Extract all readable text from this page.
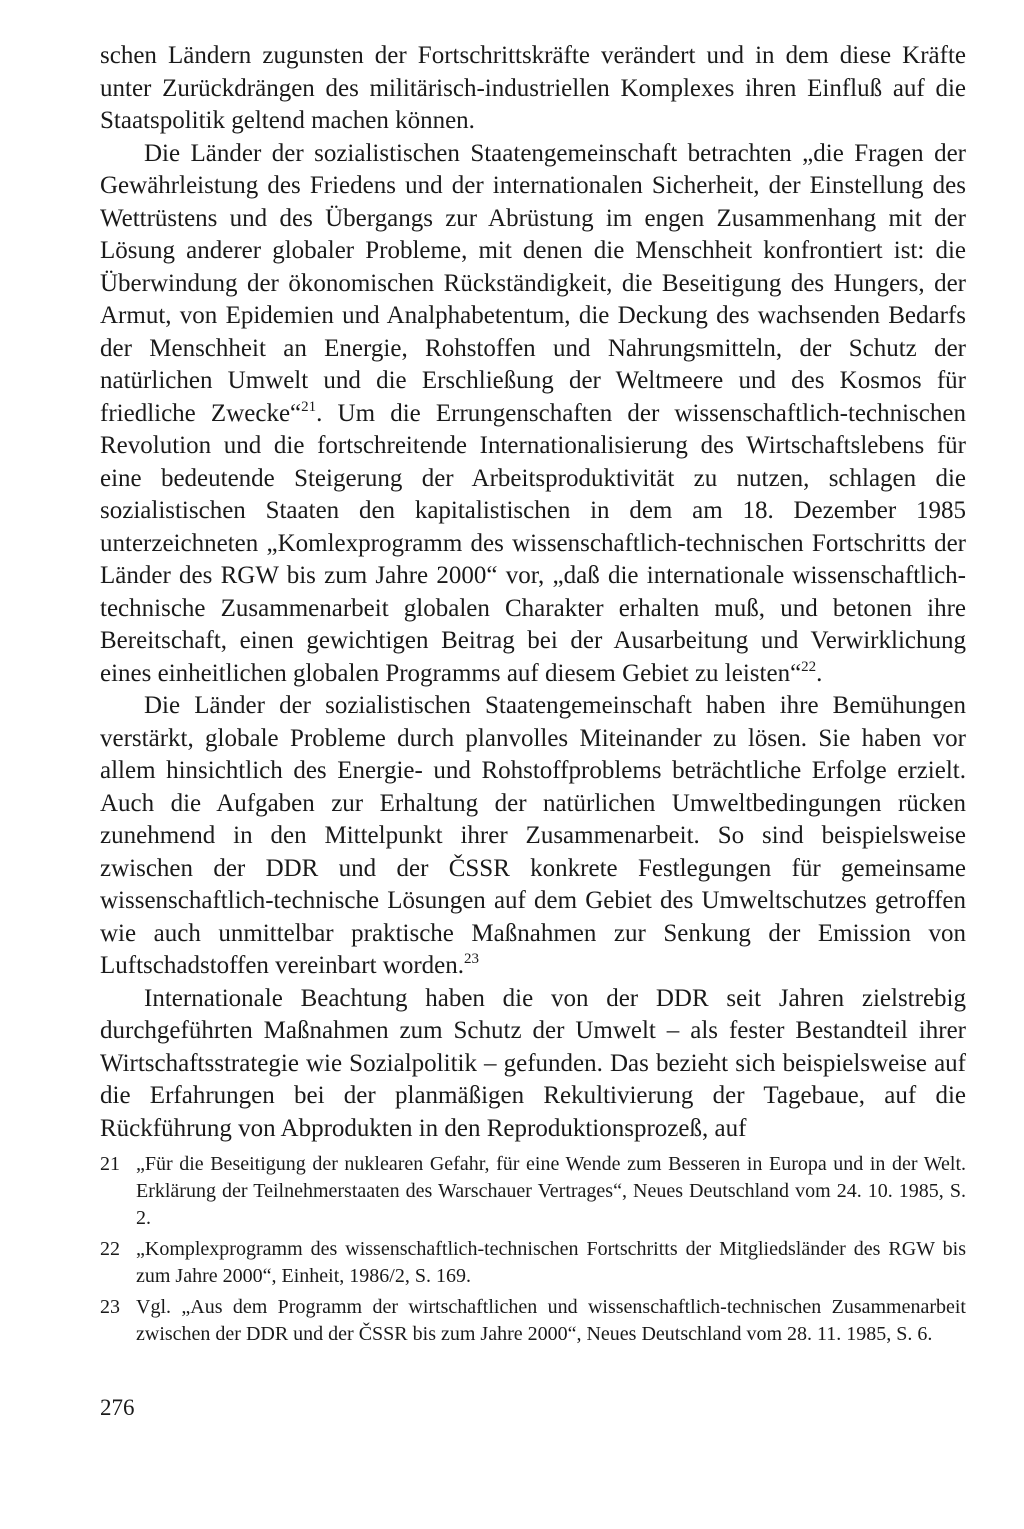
schen Ländern zugunsten der Fortschrittskräfte verändert und in dem diese Kräfte unter Zurückdrängen des militärisch-industriellen Komplexes ihren Einfluß auf die Staatspolitik geltend machen können.

Die Länder der sozialistischen Staatengemeinschaft betrachten „die Fragen der Gewährleistung des Friedens und der internationalen Sicherheit, der Einstellung des Wettrüstens und des Übergangs zur Abrüstung im engen Zusammenhang mit der Lösung anderer globaler Probleme, mit denen die Menschheit konfrontiert ist: die Überwindung der ökonomischen Rückständigkeit, die Beseitigung des Hungers, der Armut, von Epidemien und Analphabetentum, die Deckung des wachsenden Bedarfs der Menschheit an Energie, Rohstoffen und Nahrungsmitteln, der Schutz der natürlichen Umwelt und die Erschließung der Weltmeere und des Kosmos für friedliche Zwecke“$^{21}$. Um die Errungenschaften der wissenschaftlich-technischen Revolution und die fortschreitende Internationalisierung des Wirtschaftslebens für eine bedeutende Steigerung der Arbeitsproduktivität zu nutzen, schlagen die sozialistischen Staaten den kapitalistischen in dem am 18. Dezember 1985 unterzeichneten „Komlexprogramm des wissenschaftlich-technischen Fortschritts der Länder des RGW bis zum Jahre 2000“ vor, „daß die internationale wissenschaftlich-technische Zusammenarbeit globalen Charakter erhalten muß, und betonen ihre Bereitschaft, einen gewichtigen Beitrag bei der Ausarbeitung und Verwirklichung eines einheitlichen globalen Programms auf diesem Gebiet zu leisten“$^{22}$.

Die Länder der sozialistischen Staatengemeinschaft haben ihre Bemühungen verstärkt, globale Probleme durch planvolles Miteinander zu lösen. Sie haben vor allem hinsichtlich des Energie- und Rohstoffproblems beträchtliche Erfolge erzielt. Auch die Aufgaben zur Erhaltung der natürlichen Umweltbedingungen rücken zunehmend in den Mittelpunkt ihrer Zusammenarbeit. So sind beispielsweise zwischen der DDR und der ČSSR konkrete Festlegungen für gemeinsame wissenschaftlich-technische Lösungen auf dem Gebiet des Umweltschutzes getroffen wie auch unmittelbar praktische Maßnahmen zur Senkung der Emission von Luftschadstoffen vereinbart worden.$^{23}$

Internationale Beachtung haben die von der DDR seit Jahren zielstrebig durchgeführten Maßnahmen zum Schutz der Umwelt – als fester Bestandteil ihrer Wirtschaftsstrategie wie Sozialpolitik – gefunden. Das bezieht sich beispielsweise auf die Erfahrungen bei der planmäßigen Rekultivierung der Tagebaue, auf die Rückführung von Abprodukten in den Reproduktionsprozeß, auf

21 „Für die Beseitigung der nuklearen Gefahr, für eine Wende zum Besseren in Europa und in der Welt. Erklärung der Teilnehmerstaaten des Warschauer Vertrages“, Neues Deutschland vom 24. 10. 1985, S. 2.
22 „Komplexprogramm des wissenschaftlich-technischen Fortschritts der Mitgliedsländer des RGW bis zum Jahre 2000“, Einheit, 1986/2, S. 169.
23 Vgl. „Aus dem Programm der wirtschaftlichen und wissenschaftlich-technischen Zusammenarbeit zwischen der DDR und der ČSSR bis zum Jahre 2000“, Neues Deutschland vom 28. 11. 1985, S. 6.
276
